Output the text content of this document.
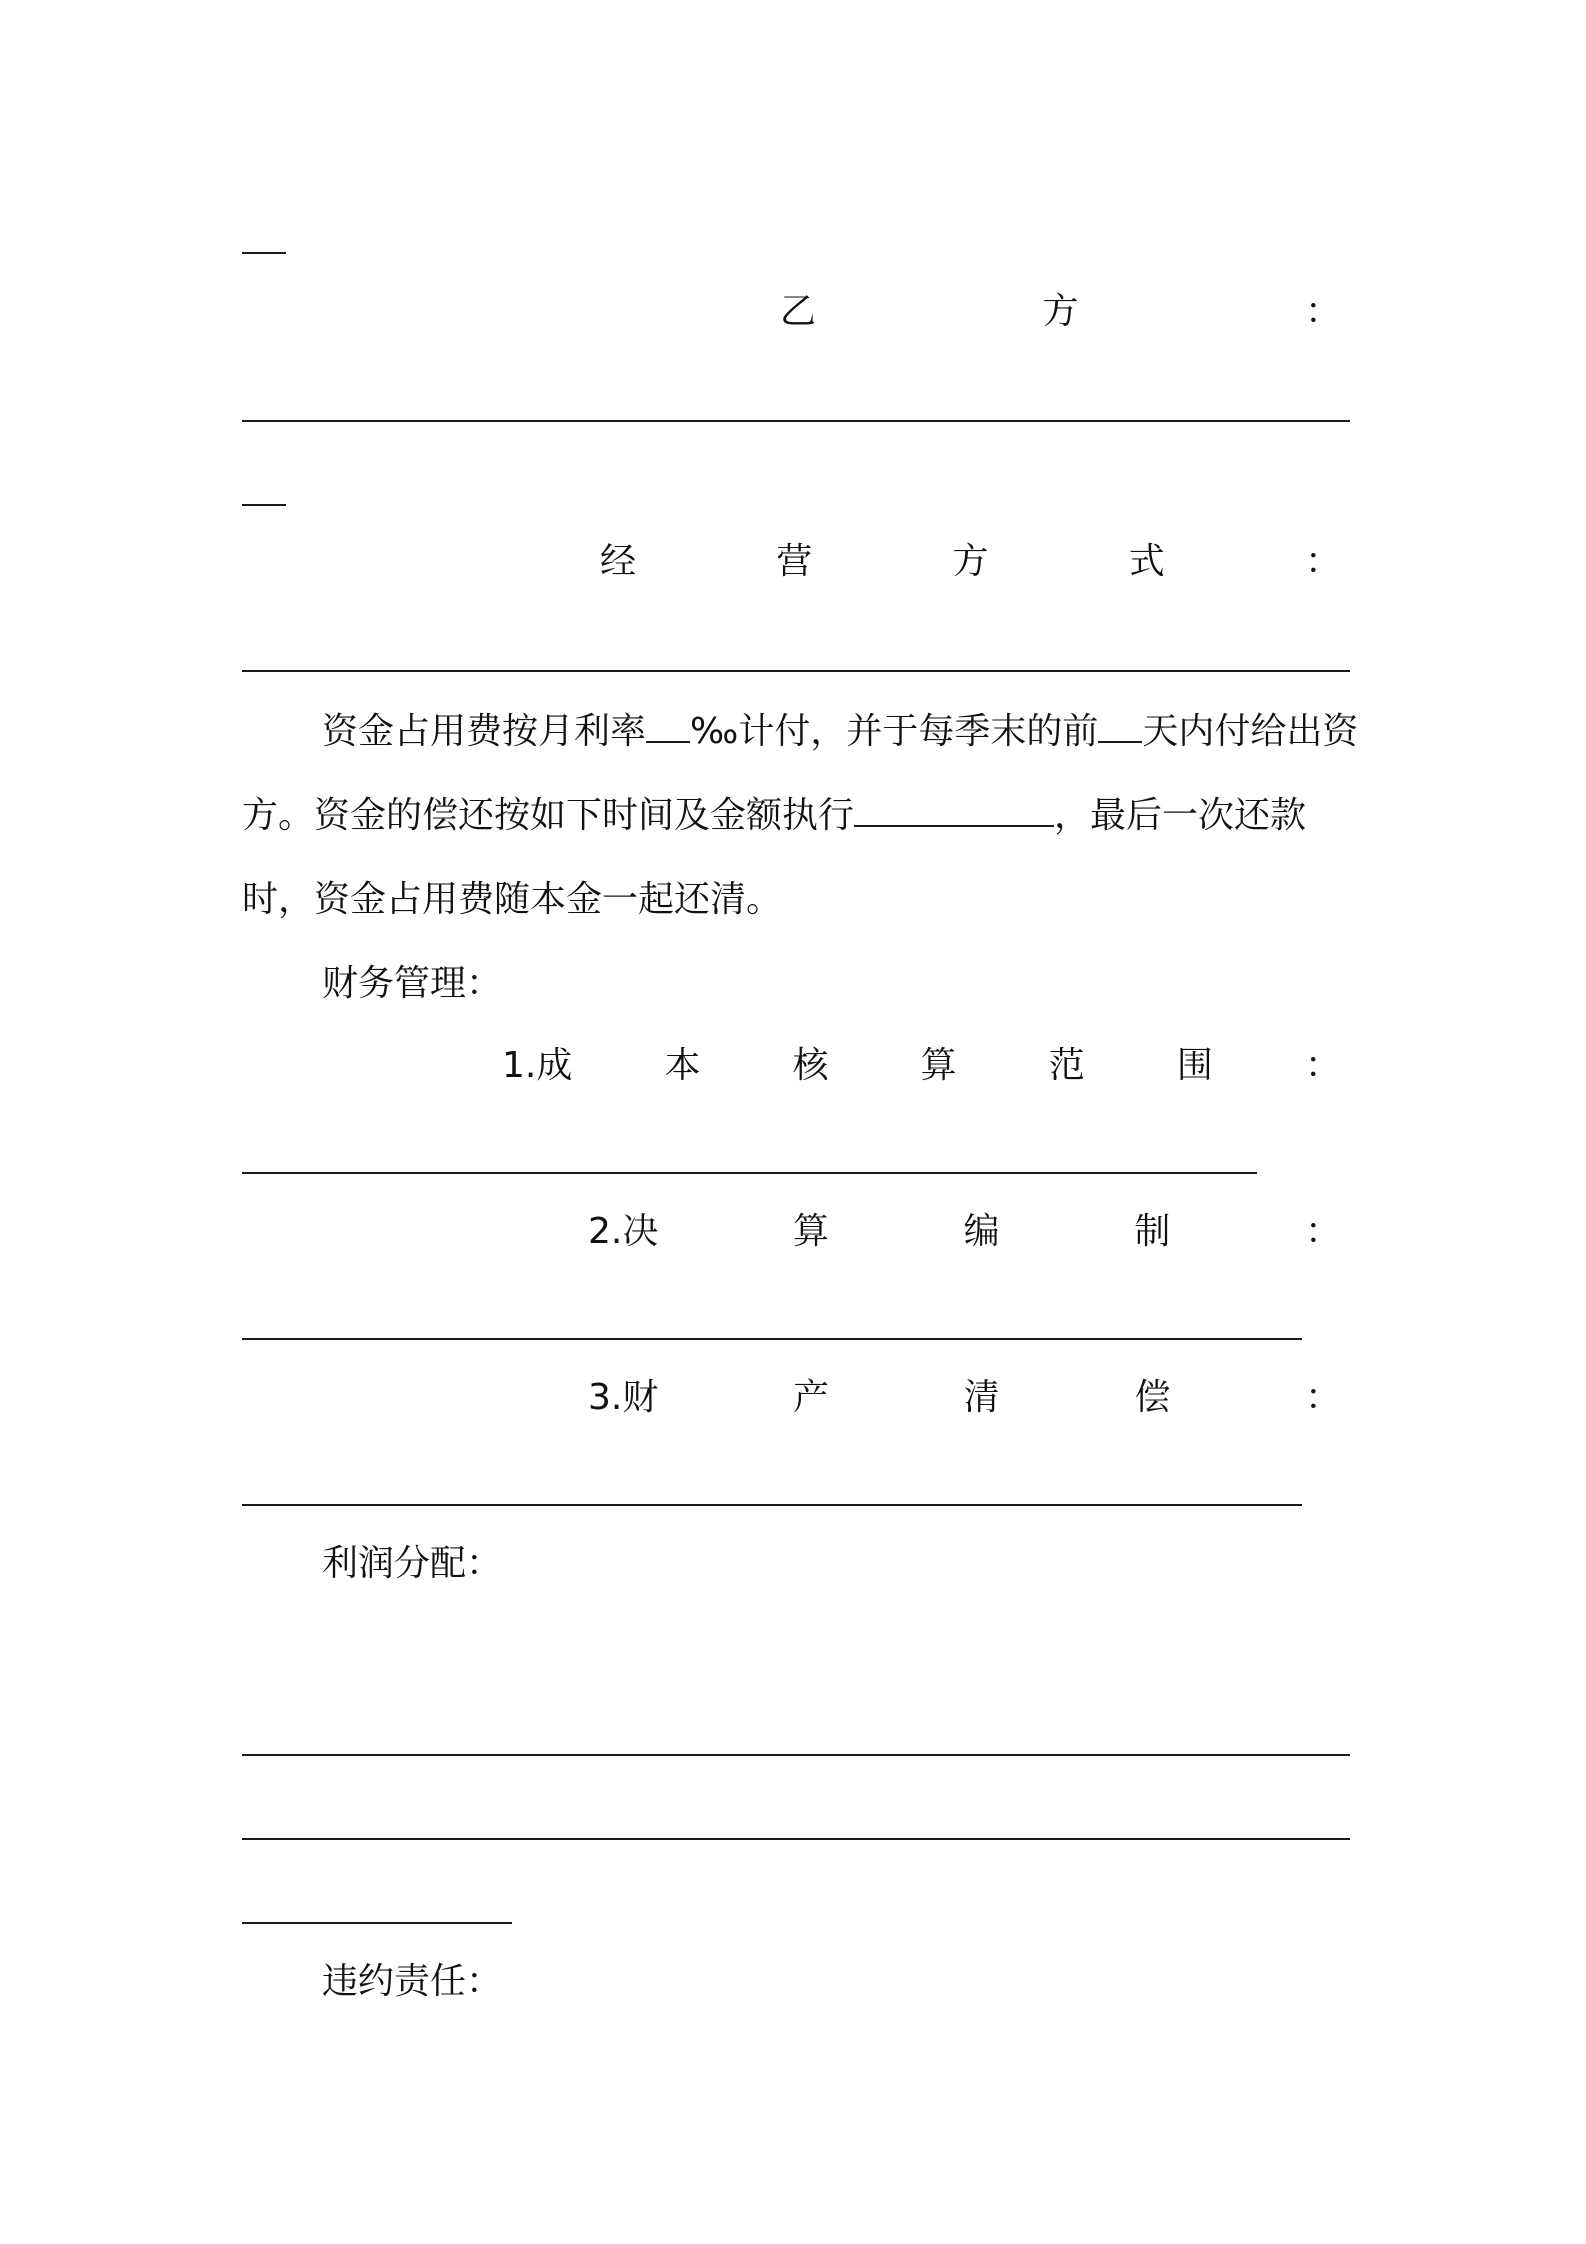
乙	方	：
经	营	方	式	：
资金占用费按月利率 ‰计付，并于每季末的前 天内付给出资方。资金的偿还按如下时间及金额执行	，最后一次还款时，资金占用费随本金一起还清。
财务管理：
1.成	本	核	算	范	围	：
2.决	算	编	制	：
3.财	产	清	偿	：
利润分配：
违约责任：
